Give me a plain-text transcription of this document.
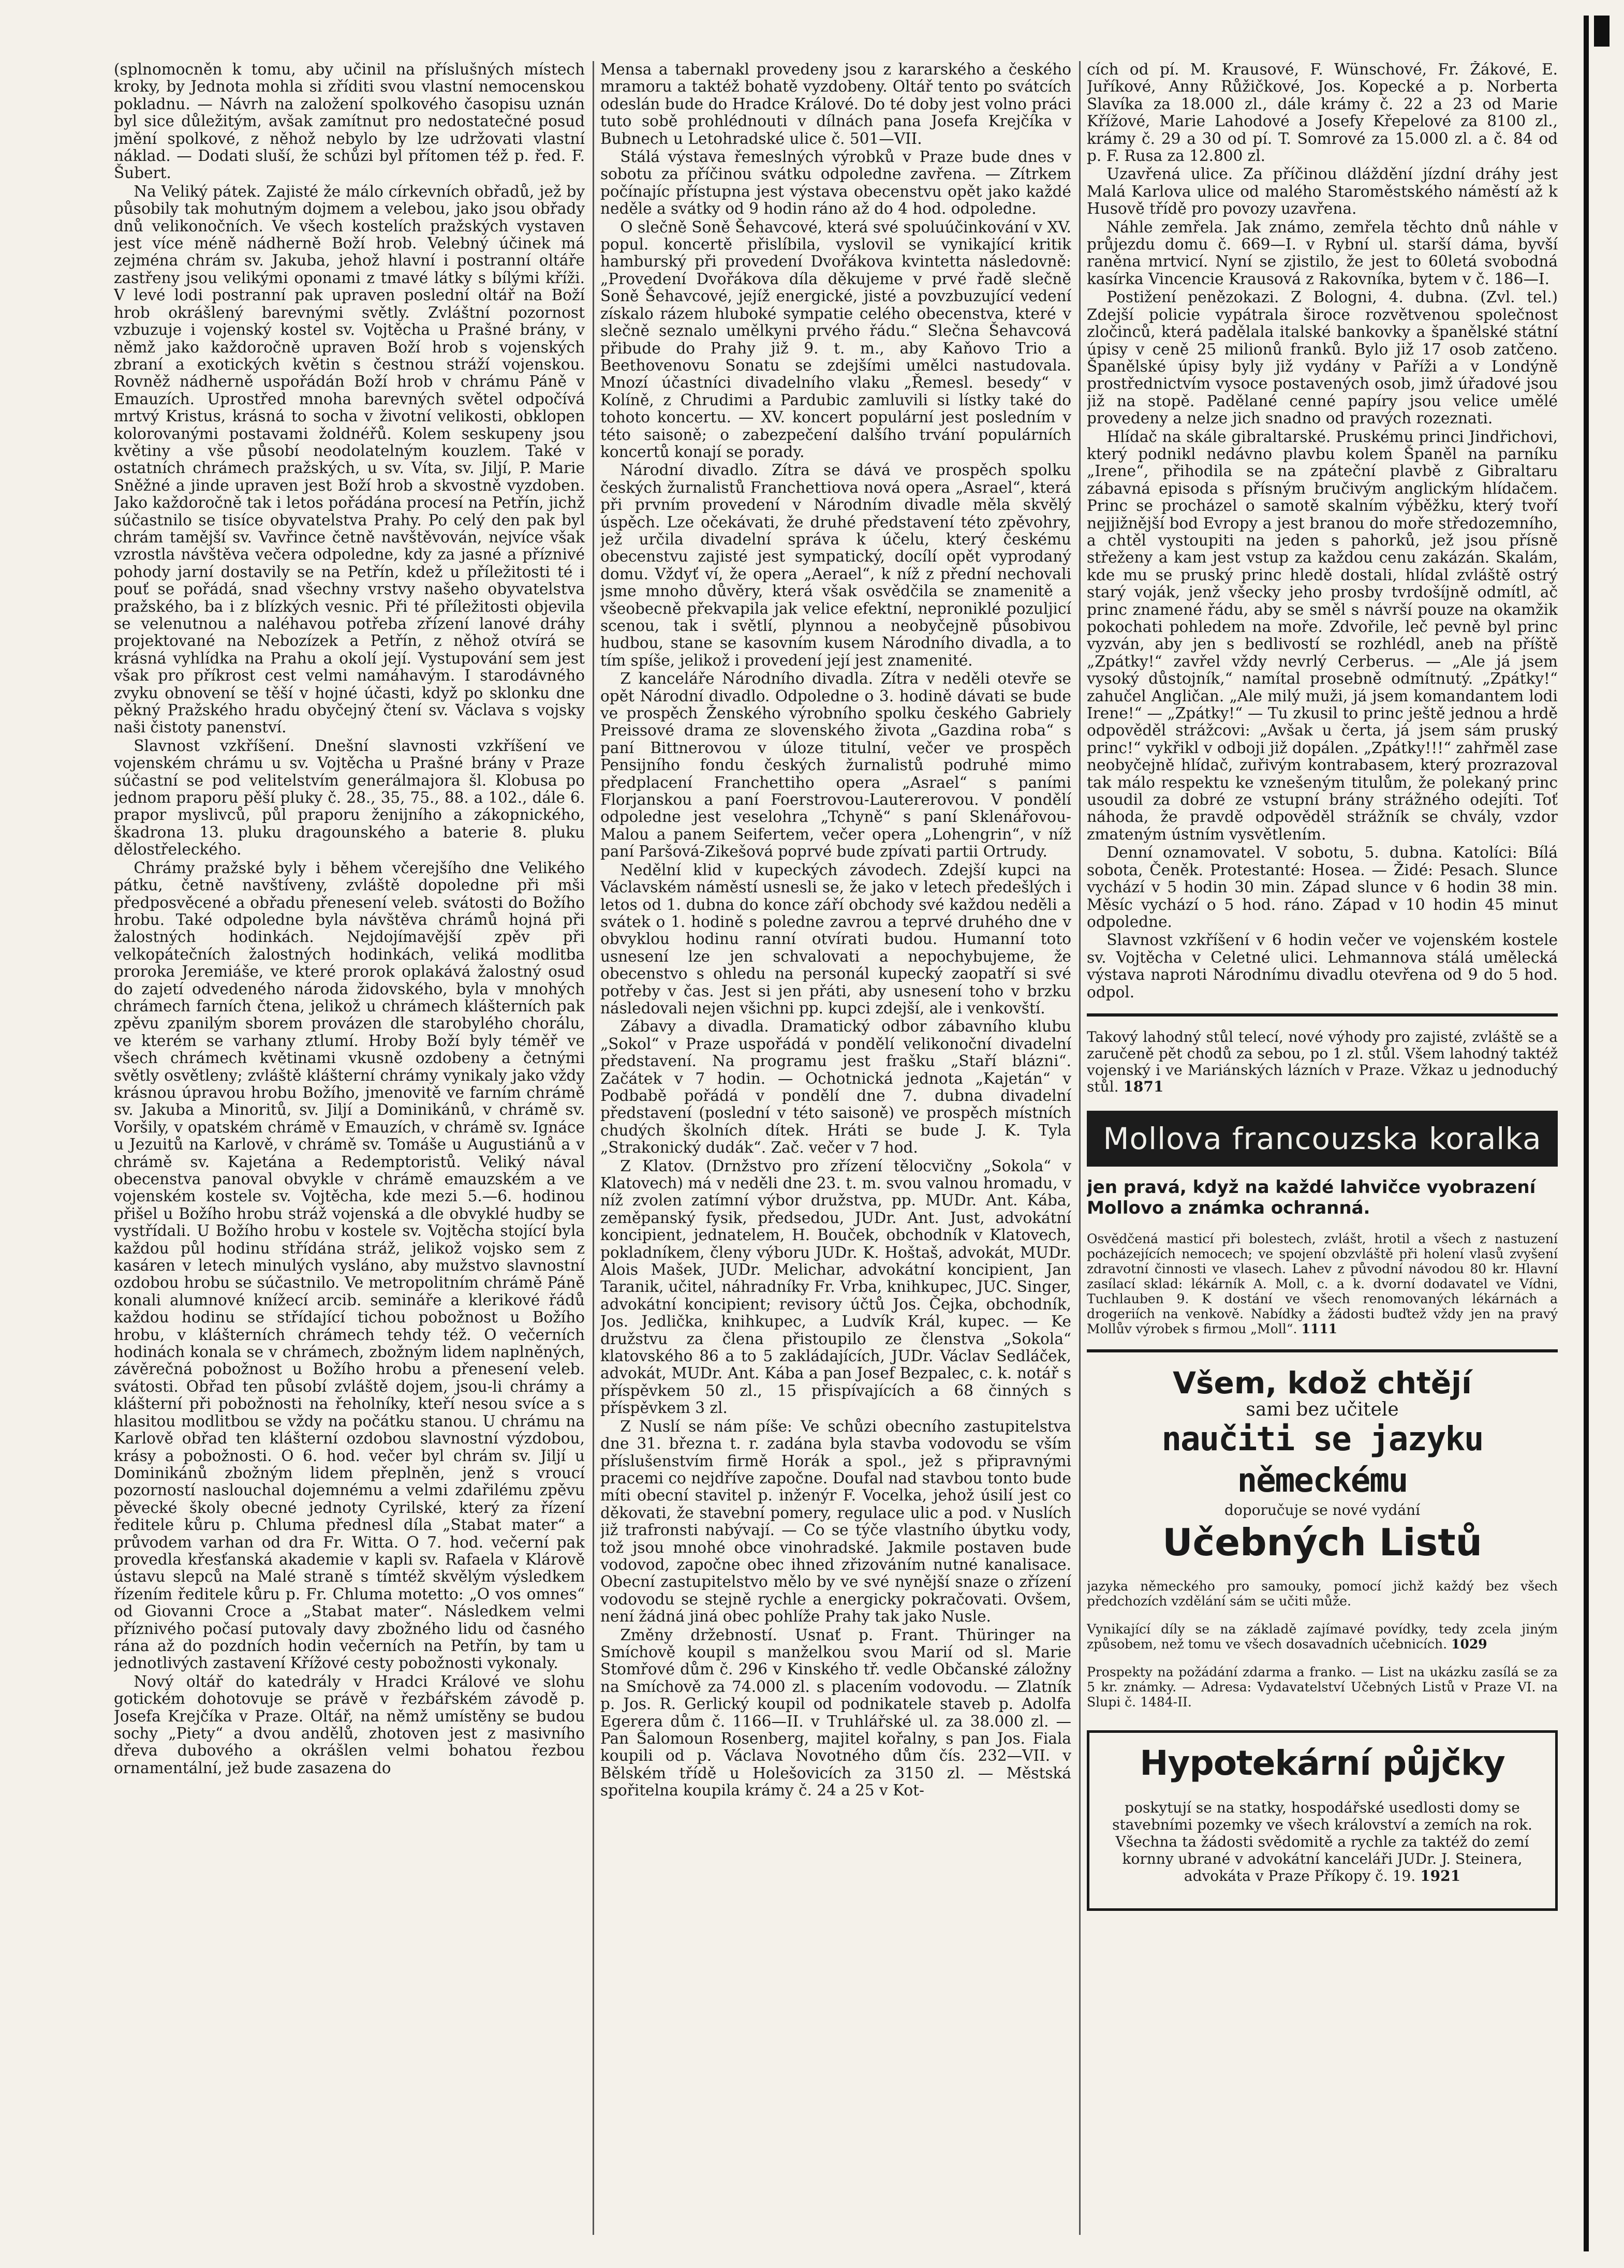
(splnomocněn k tomu, aby učinil na příslušných místech kroky, by Jednota mohla si zříditi svou vlastní nemocenskou pokladnu. — Návrh na založení spolkového časopisu uznán byl sice důležitým, avšak zamítnut pro nedostatečné posud jmění spolkové, z něhož nebylo by lze udržovati vlastní náklad. — Dodati sluší, že schůzi byl přítomen též p. řed. F. Šubert.

Na Veliký pátek. Zajisté že málo církevních obřadů, jež by působily tak mohutným dojmem a velebou, jako jsou obřady dnů velikonočních. Ve všech kostelích pražských vystaven jest více méně nádherně Boží hrob. Velebný účinek má zejména chrám sv. Jakuba, jehož hlavní i postranní oltáře zastřeny jsou velikými oponami z tmavé látky s bílými kříži. V levé lodi postranní pak upraven poslední oltář na Boží hrob okrášlený barevnými světly. Zvláštní pozornost vzbuzuje i vojenský kostel sv. Vojtěcha u Prašné brány, v němž jako každoročně upraven Boží hrob s vojenských zbraní a exotických květin s čestnou stráží vojenskou. Rovněž nádherně uspořádán Boží hrob v chrámu Páně v Emauzích. Uprostřed mnoha barevných světel odpočívá mrtvý Kristus, krásná to socha v životní velikosti, obklopen kolorovanými postavami žoldnéřů. Kolem seskupeny jsou květiny a vše působí neodolatelným kouzlem. Také v ostatních chrámech pražských, u sv. Víta, sv. Jiljí, P. Marie Sněžné a jinde upraven jest Boží hrob a skvostně vyzdoben. Jako každoročně tak i letos pořádána procesí na Petřín, jichž súčastnilo se tisíce obyvatelstva Prahy. Po celý den pak byl chrám tamější sv. Vavřince četně navštěvován, nejvíce však vzrostla návštěva večera odpoledne, kdy za jasné a příznivé pohody jarní dostavily se na Petřín, kdež u příležitosti té i pouť se pořádá, snad všechny vrstvy našeho obyvatelstva pražského, ba i z blízkých vesnic. Při té příležitosti objevila se velenutnou a naléhavou potřeba zřízení lanové dráhy projektované na Nebozízek a Petřín, z něhož otvírá se krásná vyhlídka na Prahu a okolí její. Vystupování sem jest však pro příkrost cest velmi namáhavým. I starodávného zvyku obnovení se těší v hojné účasti, když po sklonku dne pěkný Pražského hradu obyčejný čtení sv. Václava s vojsky naši čistoty panenství.

Slavnost vzkříšení. Dnešní slavnosti vzkříšení ve vojenském chrámu u sv. Vojtěcha u Prašné brány v Praze súčastní se pod velitelstvím generálmajora šl. Klobusa po jednom praporu pěší pluky č. 28., 35, 75., 88. a 102., dále 6. prapor myslivců, půl praporu ženijního a zákopnického, škadrona 13. pluku dragounského a baterie 8. pluku dělostřeleckého.

Chrámy pražské byly i během včerejšího dne Velikého pátku, četně navštíveny, zvláště dopoledne při mši předposvěcené a obřadu přenesení veleb. svátosti do Božího hrobu. Také odpoledne byla návštěva chrámů hojná při žalostných hodinkách. Nejdojímavější zpěv při velkopátečních žalostných hodinkách, veliká modlitba proroka Jeremiáše, ve které prorok oplakává žalostný osud do zajetí odvedeného národa židovského, byla v mnohých chrámech farních čtena, jelikož u chrámech klášterních pak zpěvu zpanilým sborem provázen dle starobylého chorálu, ve kterém se varhany ztlumí. Hroby Boží byly téměř ve všech chrámech květinami vkusně ozdobeny a četnými světly osvětleny; zvláště klášterní chrámy vynikaly jako vždy krásnou úpravou hrobu Božího, jmenovitě ve farním chrámě sv. Jakuba a Minoritů, sv. Jiljí a Dominikánů, v chrámě sv. Voršily, v opatském chrámě v Emauzích, v chrámě sv. Ignáce u Jezuitů na Karlově, v chrámě sv. Tomáše u Augustiánů a v chrámě sv. Kajetána a Redemptoristů. Veliký nával obecenstva panoval obvykle v chrámě emauzském a ve vojenském kostele sv. Vojtěcha, kde mezi 5.—6. hodinou přišel u Božího hrobu stráž vojenská a dle obvyklé hudby se vystřídali. U Božího hrobu v kostele sv. Vojtěcha stojící byla každou půl hodinu střídána stráž, jelikož vojsko sem z kasáren v letech minulých vysláno, aby mužstvo slavnostní ozdobou hrobu se súčastnilo. Ve metropolitním chrámě Páně konali alumnové knížecí arcib. semináře a klerikové řádů každou hodinu se střídající tichou pobožnost u Božího hrobu, v klášterních chrámech tehdy též. O večerních hodinách konala se v chrámech, zbožným lidem naplněných, závěrečná pobožnost u Božího hrobu a přenesení veleb. svátosti. Obřad ten působí zvláště dojem, jsou-li chrámy a klášterní při pobožnosti na řeholníky, kteří nesou svíce a s hlasitou modlitbou se vždy na počátku stanou. U chrámu na Karlově obřad ten klášterní ozdobou slavnostní výzdobou, krásy a pobožnosti. O 6. hod. večer byl chrám sv. Jiljí u Dominikánů zbožným lidem přeplněn, jenž s vroucí pozorností naslouchal dojemnému a velmi zdařilému zpěvu pěvecké školy obecné jednoty Cyrilské, který za řízení ředitele kůru p. Chluma přednesl díla „Stabat mater“ a průvodem varhan od dra Fr. Witta. O 7. hod. večerní pak provedla křesťanská akademie v kapli sv. Rafaela v Klárově ústavu slepců na Malé straně s tímtéž skvělým výsledkem řízením ředitele kůru p. Fr. Chluma motetto: „O vos omnes“ od Giovanni Croce a „Stabat mater“. Následkem velmi příznivého počasí putovaly davy zbožného lidu od časného rána až do pozdních hodin večerních na Petřín, by tam u jednotlivých zastavení Křížové cesty pobožnosti vykonaly.

Nový oltář do katedrály v Hradci Králové ve slohu gotickém dohotovuje se právě v řezbářském závodě p. Josefa Krejčíka v Praze. Oltář, na němž umístěny se budou sochy „Piety“ a dvou andělů, zhotoven jest z masivního dřeva dubového a okrášlen velmi bohatou řezbou ornamentální, jež bude zasazena do

Mensa a tabernakl provedeny jsou z kararského a českého mramoru a taktéž bohatě vyzdobeny. Oltář tento po svátcích odeslán bude do Hradce Králové. Do té doby jest volno práci tuto sobě prohlédnouti v dílnách pana Josefa Krejčíka v Bubnech u Letohradské ulice č. 501—VII.

Stálá výstava řemeslných výrobků v Praze bude dnes v sobotu za příčinou svátku odpoledne zavřena. — Zítrkem počínajíc přístupna jest výstava obecenstvu opět jako každé neděle a svátky od 9 hodin ráno až do 4 hod. odpoledne.

O slečně Soně Šehavcové, která své spoluúčinkování v XV. popul. koncertě přislíbila, vyslovil se vynikající kritik hamburský při provedení Dvořákova kvintetta následovně: „Provedení Dvořákova díla děkujeme v prvé řadě slečně Soně Šehavcové, jejíž energické, jisté a povzbuzující vedení získalo rázem hluboké sympatie celého obecenstva, které v slečně seznalo umělkyni prvého řádu.“ Slečna Šehavcová přibude do Prahy již 9. t. m., aby Kaňovo Trio a Beethovenovu Sonatu se zdejšími umělci nastudovala. Mnozí účastníci divadelního vlaku „Řemesl. besedy“ v Kolíně, z Chrudimi a Pardubic zamluvili si lístky také do tohoto koncertu. — XV. koncert populární jest posledním v této saisoně; o zabezpečení dalšího trvání populárních koncertů konají se porady.

Národní divadlo. Zítra se dává ve prospěch spolku českých žurnalistů Franchettiova nová opera „Asrael“, která při prvním provedení v Národním divadle měla skvělý úspěch. Lze očekávati, že druhé představení této zpěvohry, jež určila divadelní správa k účelu, který českému obecenstvu zajisté jest sympatický, docílí opět vyprodaný domu. Vždyť ví, že opera „Aerael“, k níž z přední nechovali jsme mnoho důvěry, která však osvědčila se znamenitě a všeobecně překvapila jak velice efektní, neproniklé pozuljicí scenou, tak i světlí, plynnou a neobyčejně působivou hudbou, stane se kasovním kusem Národního divadla, a to tím spíše, jelikož i provedení její jest znamenité.

Z kanceláře Národního divadla. Zítra v neděli otevře se opět Národní divadlo. Odpoledne o 3. hodině dávati se bude ve prospěch Ženského výrobního spolku českého Gabriely Preissové drama ze slovenského života „Gazdina roba“ s paní Bittnerovou v úloze titulní, večer ve prospěch Pensijního fondu českých žurnalistů podruhé mimo předplacení Franchettiho opera „Asrael“ s paními Florjanskou a paní Foerstrovou-Lautererovou. V pondělí odpoledne jest veselohra „Tchyně“ s paní Sklenářovou-Malou a panem Seifertem, večer opera „Lohengrin“, v níž paní Paršová-Zikešová poprvé bude zpívati partii Ortrudy.

Nedělní klid v kupeckých závodech. Zdejší kupci na Václavském náměstí usnesli se, že jako v letech předešlých i letos od 1. dubna do konce září obchody své každou neděli a svátek o 1. hodině s poledne zavrou a teprvé druhého dne v obvyklou hodinu ranní otvírati budou. Humanní toto usnesení lze jen schvalovati a nepochybujeme, že obecenstvo s ohledu na personál kupecký zaopatří si své potřeby v čas. Jest si jen přáti, aby usnesení toho v brzku následovali nejen všichni pp. kupci zdejší, ale i venkovští.

Zábavy a divadla. Dramatický odbor zábavního klubu „Sokol“ v Praze uspořádá v pondělí velikonoční divadelní představení. Na programu jest frašku „Staří blázni“. Začátek v 7 hodin. — Ochotnická jednota „Kajetán“ v Podbabě pořádá v pondělí dne 7. dubna divadelní představení (poslední v této saisoně) ve prospěch místních chudých školních dítek. Hráti se bude J. K. Tyla „Strakonický dudák“. Zač. večer v 7 hod.

Z Klatov. (Drnžstvo pro zřízení tělocvičny „Sokola“ v Klatovech) má v neděli dne 23. t. m. svou valnou hromadu, v níž zvolen zatímní výbor družstva, pp. MUDr. Ant. Kába, zeměpanský fysik, předsedou, JUDr. Ant. Just, advokátní koncipient, jednatelem, H. Bouček, obchodník v Klatovech, pokladníkem, členy výboru JUDr. K. Hoštaš, advokát, MUDr. Alois Mašek, JUDr. Melichar, advokátní koncipient, Jan Taranik, učitel, náhradníky Fr. Vrba, knihkupec, JUC. Singer, advokátní koncipient; revisory účtů Jos. Čejka, obchodník, Jos. Jedlička, knihkupec, a Ludvík Král, kupec. — Ke družstvu za člena přistoupilo ze členstva „Sokola“ klatovského 86 a to 5 zakládajících, JUDr. Václav Sedláček, advokát, MUDr. Ant. Kába a pan Josef Bezpalec, c. k. notář s příspěvkem 50 zl., 15 přispívajících a 68 činných s příspěvkem 3 zl.

Z Nuslí se nám píše: Ve schůzi obecního zastupitelstva dne 31. března t. r. zadána byla stavba vodovodu se vším příslušenstvím firmě Horák a spol., jež s připravnými pracemi co nejdříve započne. Doufal nad stavbou tonto bude míti obecní stavitel p. inženýr F. Vocelka, jehož úsilí jest co děkovati, že stavební pomery, regulace ulic a pod. v Nuslích již trafronsti nabývají. — Co se týče vlastního úbytku vody, tož jsou mnohé obce vinohradské. Jakmile postaven bude vodovod, započne obec ihned zřizováním nutné kanalisace. Obecní zastupitelstvo mělo by ve své nynější snaze o zřízení vodovodu se stejně rychle a energicky pokračovati. Ovšem, není žádná jiná obec pohlíže Prahy tak jako Nusle.

Změny držebností. Usnať p. Frant. Thüringer na Smíchově koupil s manželkou svou Marií od sl. Marie Stomřové dům č. 296 v Kinského tř. vedle Občanské záložny na Smíchově za 74.000 zl. s placením vodovodu. — Zlatník p. Jos. R. Gerlický koupil od podnikatele staveb p. Adolfa Egerera dům č. 1166—II. v Truhlářské ul. za 38.000 zl. — Pan Šalomoun Rosenberg, majitel kořalny, s pan Jos. Fiala koupili od p. Václava Novotného dům čís. 232—VII. v Bělském třídě u Holešovicích za 3150 zl. — Městská spořitelna koupila krámy č. 24 a 25 v Kot-

cích od pí. M. Krausové, F. Wünschové, Fr. Žákové, E. Juříkové, Anny Růžičkové, Jos. Kopecké a p. Norberta Slavíka za 18.000 zl., dále krámy č. 22 a 23 od Marie Křížové, Marie Lahodové a Josefy Křepelové za 8100 zl., krámy č. 29 a 30 od pí. T. Somrové za 15.000 zl. a č. 84 od p. F. Rusa za 12.800 zl.

Uzavřená ulice. Za příčinou dláždění jízdní dráhy jest Malá Karlova ulice od malého Staroměstského náměstí až k Husově třídě pro povozy uzavřena.

Náhle zemřela. Jak známo, zemřela těchto dnů náhle v průjezdu domu č. 669—I. v Rybní ul. starší dáma, byvší raněna mrtvicí. Nyní se zjistilo, že jest to 60letá svobodná kasírka Vincencie Krausová z Rakovníka, bytem v č. 186—I.

Postižení penězokazi. Z Bologni, 4. dubna. (Zvl. tel.) Zdejší policie vypátrala široce rozvětvenou společnost zločinců, která padělala italské bankovky a španělské státní úpisy v ceně 25 milionů franků. Bylo již 17 osob zatčeno. Španělské úpisy byly již vydány v Paříži a v Londýně prostřednictvím vysoce postavených osob, jimž úřadové jsou již na stopě. Padělané cenné papíry jsou velice umělé provedeny a nelze jich snadno od pravých rozeznati.

Hlídač na skále gibraltarské. Pruskému princi Jindřichovi, který podnikl nedávno plavbu kolem Španěl na parníku „Irene“, přihodila se na zpáteční plavbě z Gibraltaru zábavná episoda s přísným bručivým anglickým hlídačem. Princ se procházel o samotě skalním výběžku, který tvoří nejjižnější bod Evropy a jest branou do moře středozemního, a chtěl vystoupiti na jeden s pahorků, jež jsou přísně střeženy a kam jest vstup za každou cenu zakázán. Skalám, kde mu se pruský princ hledě dostali, hlídal zvláště ostrý starý voják, jenž všecky jeho prosby tvrdošíjně odmítl, ač princ znamené řádu, aby se směl s návrší pouze na okamžik pokochati pohledem na moře. Zdvořile, leč pevně byl princ vyzván, aby jen s bedlivostí se rozhlédl, aneb na příště „Zpátky!“ zavřel vždy nevrlý Cerberus. — „Ale já jsem vysoký důstojník,“ namítal prosebně odmítnutý. „Zpátky!“ zahučel Angličan. „Ale milý muži, já jsem komandantem lodi Irene!“ — „Zpátky!“ — Tu zkusil to princ ještě jednou a hrdě odpověděl strážcovi: „Avšak u čerta, já jsem sám pruský princ!“ vykřikl v odboji již dopálen. „Zpátky!!!“ zahřměl zase neobyčejně hlídač, zuřivým kontrabasem, který prozrazoval tak málo respektu ke vznešeným titulům, že polekaný princ usoudil za dobré ze vstupní brány strážného odejíti. Toť náhoda, že pravdě odpověděl strážník se chvály, vzdor zmateným ústním vysvětlením.

Denní oznamovatel. V sobotu, 5. dubna. Katolíci: Bílá sobota, Čeněk. Protestanté: Hosea. — Židé: Pesach. Slunce vychází v 5 hodin 30 min. Západ slunce v 6 hodin 38 min. Měsíc vychází o 5 hod. ráno. Západ v 10 hodin 45 minut odpoledne.

Slavnost vzkříšení v 6 hodin večer ve vojenském kostele sv. Vojtěcha v Celetné ulici. Lehmannova stálá umělecká výstava naproti Národnímu divadlu otevřena od 9 do 5 hod. odpol.

Takový lahodný stůl telecí, nové výhody pro zajisté, zvláště se a zaručeně pět chodů za sebou, po 1 zl. stůl. Všem lahodný taktéž vojenský i ve Mariánských lázních v Praze. Vžkaz u jednoduchý stůl. 1871

Mollova francouzska koralka
jen pravá, když na každé lahvičce vyobrazení Mollovo a známka ochranná.

Osvědčená masticí při bolestech, zvlášt, hrotil a všech z nastuzení pocházejících nemocech; ve spojení obzvláště při holení vlasů zvyšení zdravotní činnosti ve vlasech. Lahev z původní návodou 80 kr. Hlavní zasílací sklad: lékárník A. Moll, c. a k. dvorní dodavatel ve Vídni, Tuchlauben 9. K dostání ve všech renomovaných lékárnách a drogeriích na venkově. Nabídky a žádosti buďtež vždy jen na pravý Mollův výrobek s firmou „Moll“. 1111

Všem, kdož chtějí
sami bez učitele
naučiti se jazyku německému
doporučuje se nové vydání
Učebných Listů

jazyka německého pro samouky, pomocí jichž každý bez všech předchozích vzdělání sám se učiti může.

Vynikající díly se na základě zajímavé povídky, tedy zcela jiným způsobem, než tomu ve všech dosavadních učebnicích. 1029

Prospekty na požádání zdarma a franko. — List na ukázku zasílá se za 5 kr. známky. — Adresa: Vydavatelství Učebných Listů v Praze VI. na Slupi č. 1484-II.

Hypotekární půjčky

poskytují se na statky, hospodářské usedlosti domy se stavebními pozemky ve všech království a zemích na rok. Všechna ta žádosti svědomitě a rychle za taktéž do zemí kornny ubrané v advokátní kanceláři JUDr. J. Steinera, advokáta v Praze Příkopy č. 19. 1921
